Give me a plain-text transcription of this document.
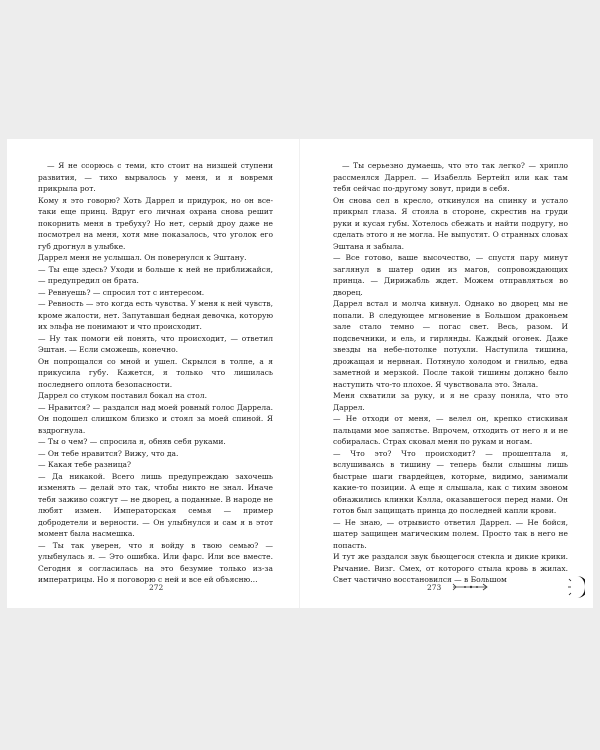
— Я не ссорюсь с теми, кто стоит на низшей ступени развития, — тихо вырвалось у меня, и я вовремя прикрыла рот.

Кому я это говорю? Хоть Даррел и придурок, но он все-таки еще принц. Вдруг его личная охрана снова решит покорнить меня в требуху? Но нет, серый дроу даже не посмотрел на меня, хотя мне показалось, что уголок его губ дрогнул в улыбке.

Даррел меня не услышал. Он повернулся к Эштану.

— Ты еще здесь? Уходи и больше к ней не приближайся, — предупредил он брата.

— Ревнуешь? — спросил тот с интересом.

— Ревность — это когда есть чувства. У меня к ней чувств, кроме жалости, нет. Запутавшая бедная девочка, которую их эльфа не понимают и что происходит.

— Ну так помоги ей понять, что происходит, — ответил Эштан. — Если сможешь, конечно.

Он попрощался со мной и ушел. Скрылся в толпе, а я прикусила губу. Кажется, я только что лишилась последнего оплота безопасности.

Даррел со стуком поставил бокал на стол.

— Нравится? — раздался над моей ровный голос Даррела. Он подошел слишком близко и стоял за моей спиной. Я вздрогнула.

— Ты о чем? — спросила я, обняв себя руками.

— Он тебе нравится? Вижу, что да.

— Какая тебе разница?

— Да никакой. Всего лишь предупреждаю захочешь изменять — делай это так, чтобы никто не знал. Иначе тебя заживо сожгут — не дворец, а поданные. В народе не любят измен. Императорская семья — пример добродетели и верности. — Он улыбнулся и сам я в этот момент была насмешка.

— Ты так уверен, что я войду в твою семью? — улыбнулась я. — Это ошибка. Или фарс. Или все вместе. Сегодня я согласилась на это безумие только из-за императрицы. Но я поговорю с ней и все ей объясню…

— Ты серьезно думаешь, что это так легко? — хрипло рассмеялся Даррел. — Изабелль Бертейл или как там тебя сейчас по-другому зовут, приди в себя.

Он снова сел в кресло, откинулся на спинку и устало прикрыл глаза. Я стояла в стороне, скрестив на груди руки и кусая губы. Хотелось сбежать и найти подругу, но сделать этого я не могла. Не выпустят. О странных словах Эштана я забыла.

— Все готово, ваше высочество, — спустя пару минут заглянул в шатер один из магов, сопровождающих принца. — Дирижабль ждет. Можем отправляться во дворец.

Даррел встал и молча кивнул. Однако во дворец мы не попали. В следующее мгновение в Большом драконьем зале стало темно — погас свет. Весь, разом. И подсвечники, и ель, и гирлянды. Каждый огонек. Даже звезды на небе-потолке потухли. Наступила тишина, дрожащая и нервная. Потянуло холодом и гнилью, едва заметной и мерзкой. После такой тишины должно было наступить что-то плохое. Я чувствовала это. Знала.

Меня схватили за руку, и я не сразу поняла, что это Даррел.

— Не отходи от меня, — велел он, крепко стискивая пальцами мое запястье. Впрочем, отходить от него я и не собиралась. Страх сковал меня по рукам и ногам.

— Что это? Что происходит? — прошептала я, вслушиваясь в тишину — теперь были слышны лишь быстрые шаги гвардейцев, которые, видимо, занимали какие-то позиции. А еще я слышала, как с тихим звоном обнажились клинки Кэлла, оказавшегося перед нами. Он готов был защищать принца до последней капли крови.

— Не знаю, — отрывисто ответил Даррел. — Не бойся, шатер защищен магическим полем. Просто так в него не попасть.

И тут же раздался звук бьющегося стекла и дикие крики. Рычание. Визг. Смех, от которого стыла кровь в жилах. Свет частично восстановился — в Большом

272	273
